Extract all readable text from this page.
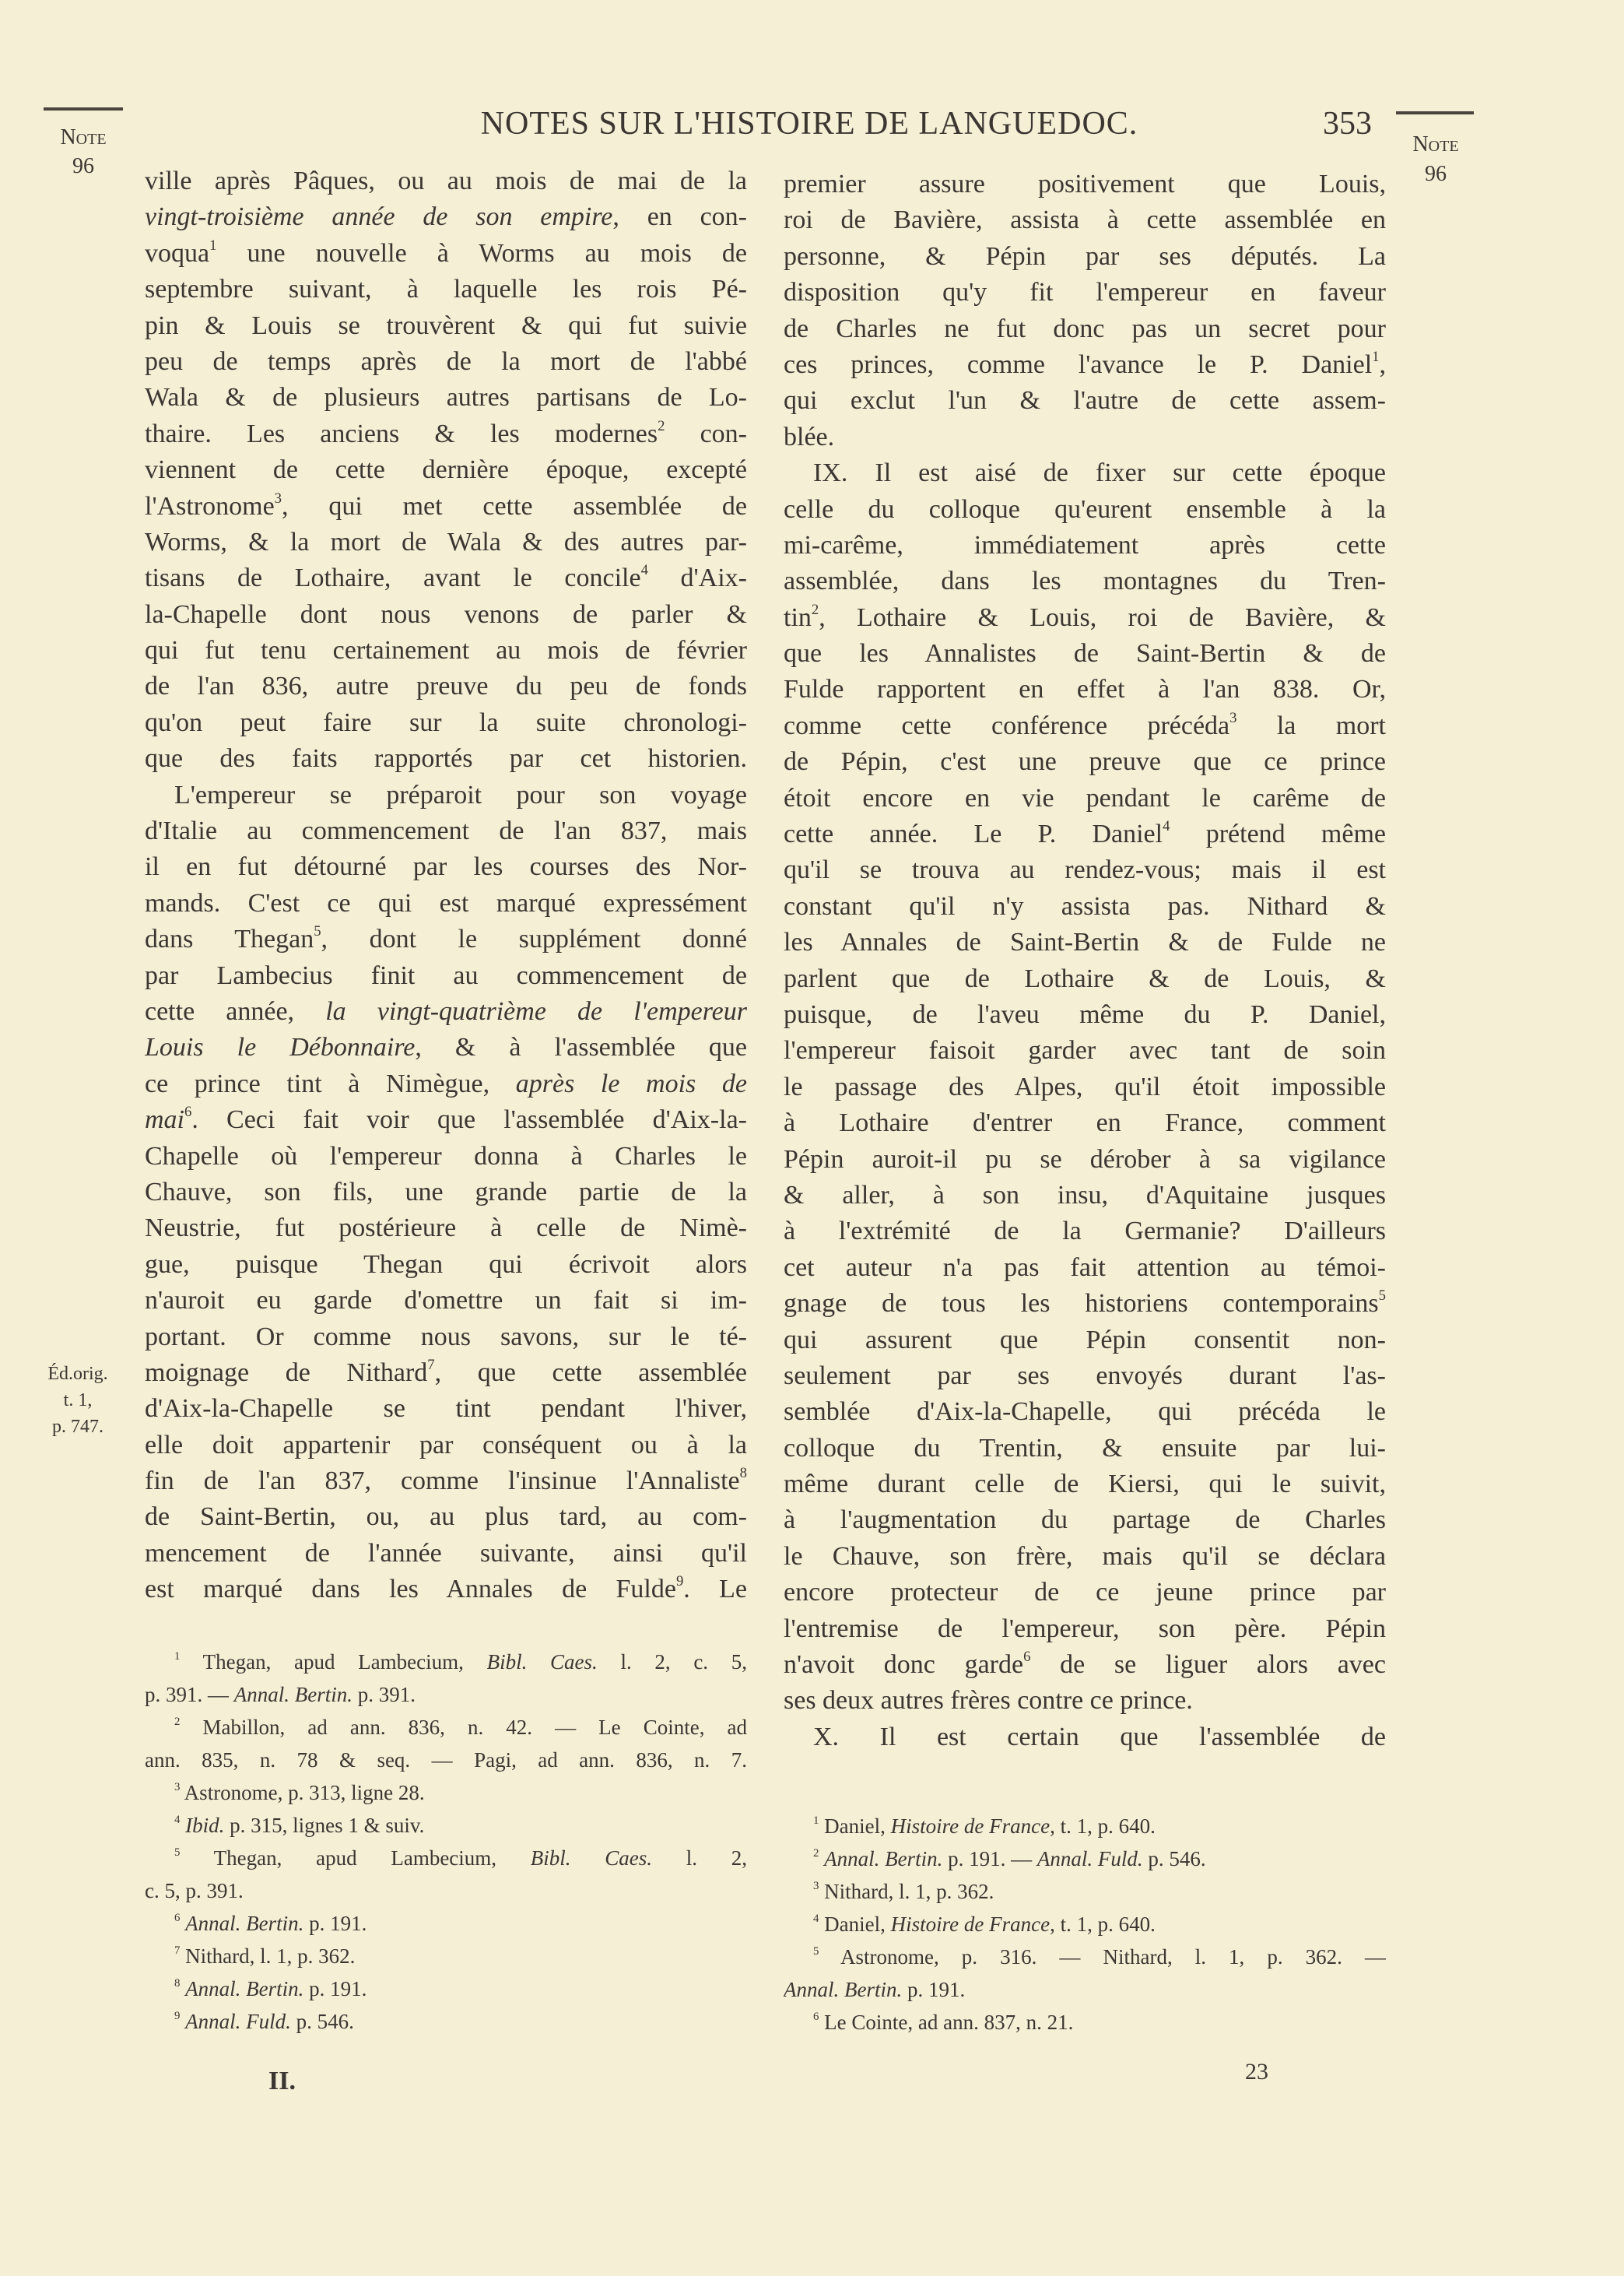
Note
96
Note
96
NOTES SUR L'HISTOIRE DE LANGUEDOC.	353
Éd.orig.
t. 1,
p. 747.
ville après Pâques, ou au mois de mai de la
vingt-troisième année de son empire, en con-
voqua$^1$ une nouvelle à Worms au mois de
septembre suivant, à laquelle les rois Pé-
pin & Louis se trouvèrent & qui fut suivie
peu de temps après de la mort de l'abbé
Wala & de plusieurs autres partisans de Lo-
thaire. Les anciens & les modernes$^2$ con-
viennent de cette dernière époque, excepté
l'Astronome$^3$, qui met cette assemblée de
Worms, & la mort de Wala & des autres par-
tisans de Lothaire, avant le concile$^4$ d'Aix-
la-Chapelle dont nous venons de parler &
qui fut tenu certainement au mois de février
de l'an 836, autre preuve du peu de fonds
qu'on peut faire sur la suite chronologi-
que des faits rapportés par cet historien.
L'empereur se préparoit pour son voyage
d'Italie au commencement de l'an 837, mais
il en fut détourné par les courses des Nor-
mands. C'est ce qui est marqué expressément
dans Thegan$^5$, dont le supplément donné
par Lambecius finit au commencement de
cette année, la vingt-quatrième de l'empereur
Louis le Débonnaire, & à l'assemblée que
ce prince tint à Nimègue, après le mois de
mai$^6$. Ceci fait voir que l'assemblée d'Aix-la-
Chapelle où l'empereur donna à Charles le
Chauve, son fils, une grande partie de la
Neustrie, fut postérieure à celle de Nimè-
gue, puisque Thegan qui écrivoit alors
n'auroit eu garde d'omettre un fait si im-
portant. Or comme nous savons, sur le té-
moignage de Nithard$^7$, que cette assemblée
d'Aix-la-Chapelle se tint pendant l'hiver,
elle doit appartenir par conséquent ou à la
fin de l'an 837, comme l'insinue l'Annaliste$^8$
de Saint-Bertin, ou, au plus tard, au com-
mencement de l'année suivante, ainsi qu'il
est marqué dans les Annales de Fulde$^9$. Le
premier assure positivement que Louis,
roi de Bavière, assista à cette assemblée en
personne, & Pépin par ses députés. La
disposition qu'y fit l'empereur en faveur
de Charles ne fut donc pas un secret pour
ces princes, comme l'avance le P. Daniel$^1$,
qui exclut l'un & l'autre de cette assem-
blée.
IX. Il est aisé de fixer sur cette époque
celle du colloque qu'eurent ensemble à la
mi-carême, immédiatement après cette
assemblée, dans les montagnes du Tren-
tin$^2$, Lothaire & Louis, roi de Bavière, &
que les Annalistes de Saint-Bertin & de
Fulde rapportent en effet à l'an 838. Or,
comme cette conférence précéda$^3$ la mort
de Pépin, c'est une preuve que ce prince
étoit encore en vie pendant le carême de
cette année. Le P. Daniel$^4$ prétend même
qu'il se trouva au rendez-vous; mais il est
constant qu'il n'y assista pas. Nithard &
les Annales de Saint-Bertin & de Fulde ne
parlent que de Lothaire & de Louis, &
puisque, de l'aveu même du P. Daniel,
l'empereur faisoit garder avec tant de soin
le passage des Alpes, qu'il étoit impossible
à Lothaire d'entrer en France, comment
Pépin auroit-il pu se dérober à sa vigilance
& aller, à son insu, d'Aquitaine jusques
à l'extrémité de la Germanie? D'ailleurs
cet auteur n'a pas fait attention au témoi-
gnage de tous les historiens contemporains$^5$
qui assurent que Pépin consentit non-
seulement par ses envoyés durant l'as-
semblée d'Aix-la-Chapelle, qui précéda le
colloque du Trentin, & ensuite par lui-
même durant celle de Kiersi, qui le suivit,
à l'augmentation du partage de Charles
le Chauve, son frère, mais qu'il se déclara
encore protecteur de ce jeune prince par
l'entremise de l'empereur, son père. Pépin
n'avoit donc garde$^6$ de se liguer alors avec
ses deux autres frères contre ce prince.
X. Il est certain que l'assemblée de
$^1$ Thegan, apud Lambecium, Bibl. Caes. l. 2, c. 5,
p. 391. — Annal. Bertin. p. 391.
$^2$ Mabillon, ad ann. 836, n. 42. — Le Cointe, ad
ann. 835, n. 78 & seq. — Pagi, ad ann. 836, n. 7.
$^3$ Astronome, p. 313, ligne 28.
$^4$ Ibid. p. 315, lignes 1 & suiv.
$^5$ Thegan, apud Lambecium, Bibl. Caes. l. 2,
c. 5, p. 391.
$^6$ Annal. Bertin. p. 191.
$^7$ Nithard, l. 1, p. 362.
$^8$ Annal. Bertin. p. 191.
$^9$ Annal. Fuld. p. 546.
$^1$ Daniel, Histoire de France, t. 1, p. 640.
$^2$ Annal. Bertin. p. 191. — Annal. Fuld. p. 546.
$^3$ Nithard, l. 1, p. 362.
$^4$ Daniel, Histoire de France, t. 1, p. 640.
$^5$ Astronome, p. 316. — Nithard, l. 1, p. 362. —
Annal. Bertin. p. 191.
$^6$ Le Cointe, ad ann. 837, n. 21.
II.	23
